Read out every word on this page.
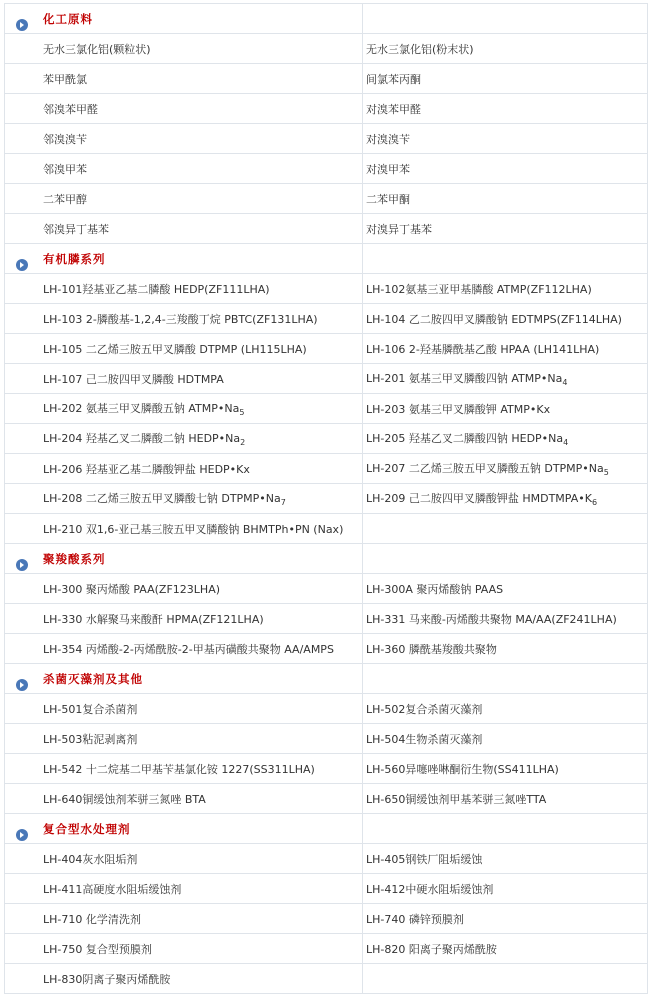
化工原料	

无水三氯化铝(颗粒状)	无水三氯化铝(粉末状)

苯甲酰氯	间氯苯丙酮

邻溴苯甲醛	对溴苯甲醛

邻溴溴苄	对溴溴苄

邻溴甲苯	对溴甲苯

二苯甲醇	二苯甲酮

邻溴异丁基苯	对溴异丁基苯

有机膦系列	

LH-101羟基亚乙基二膦酸 HEDP(ZF111LHA)	LH-102氨基三亚甲基膦酸 ATMP(ZF112LHA)

LH-103 2-膦酸基-1,2,4-三羧酸丁烷 PBTC(ZF131LHA)	LH-104 乙二胺四甲叉膦酸钠 EDTMPS(ZF114LHA)

LH-105 二乙烯三胺五甲叉膦酸 DTPMP (LH115LHA)	LH-106 2-羟基膦酰基乙酸 HPAA (LH141LHA)

LH-107 己二胺四甲叉膦酸 HDTMPA	LH-201 氨基三甲叉膦酸四钠 $ATMP•Na_4$

LH-202 氨基三甲叉膦酸五钠 $ATMP•Na_5$	LH-203 氨基三甲叉膦酸钾 ATMP•Kx

LH-204 羟基乙叉二膦酸二钠 $HEDP•Na_2$	LH-205 羟基乙叉二膦酸四钠 $HEDP•Na_4$

LH-206 羟基亚乙基二膦酸钾盐 HEDP•Kx	LH-207 二乙烯三胺五甲叉膦酸五钠 $DTPMP•Na_5$

LH-208 二乙烯三胺五甲叉膦酸七钠 $DTPMP•Na_7$	LH-209 己二胺四甲叉膦酸钾盐 $HMDTMPA•K_6$

LH-210 双1,6-亚己基三胺五甲叉膦酸钠 BHMTPh•PN (Nax)	

聚羧酸系列	

LH-300 聚丙烯酸 PAA(ZF123LHA)	LH-300A 聚丙烯酸钠 PAAS

LH-330 水解聚马来酸酐 HPMA(ZF121LHA)	LH-331 马来酸-丙烯酸共聚物 MA/AA(ZF241LHA)

LH-354 丙烯酸-2-丙烯酰胺-2-甲基丙磺酸共聚物 AA/AMPS	LH-360 膦酰基羧酸共聚物

杀菌灭藻剂及其他	

LH-501复合杀菌剂	LH-502复合杀菌灭藻剂

LH-503粘泥剥离剂	LH-504生物杀菌灭藻剂

LH-542 十二烷基二甲基苄基氯化铵 1227(SS311LHA)	LH-560异噻唑啉酮衍生物(SS411LHA)

LH-640铜缓蚀剂苯骈三氮唑 BTA	LH-650铜缓蚀剂甲基苯骈三氮唑TTA

复合型水处理剂	

LH-404灰水阻垢剂	LH-405钢铁厂阻垢缓蚀

LH-411高硬度水阻垢缓蚀剂	LH-412中硬水阻垢缓蚀剂

LH-710 化学清洗剂	LH-740 磷锌预膜剂

LH-750 复合型预膜剂	LH-820 阳离子聚丙烯酰胺

LH-830阴离子聚丙烯酰胺	
